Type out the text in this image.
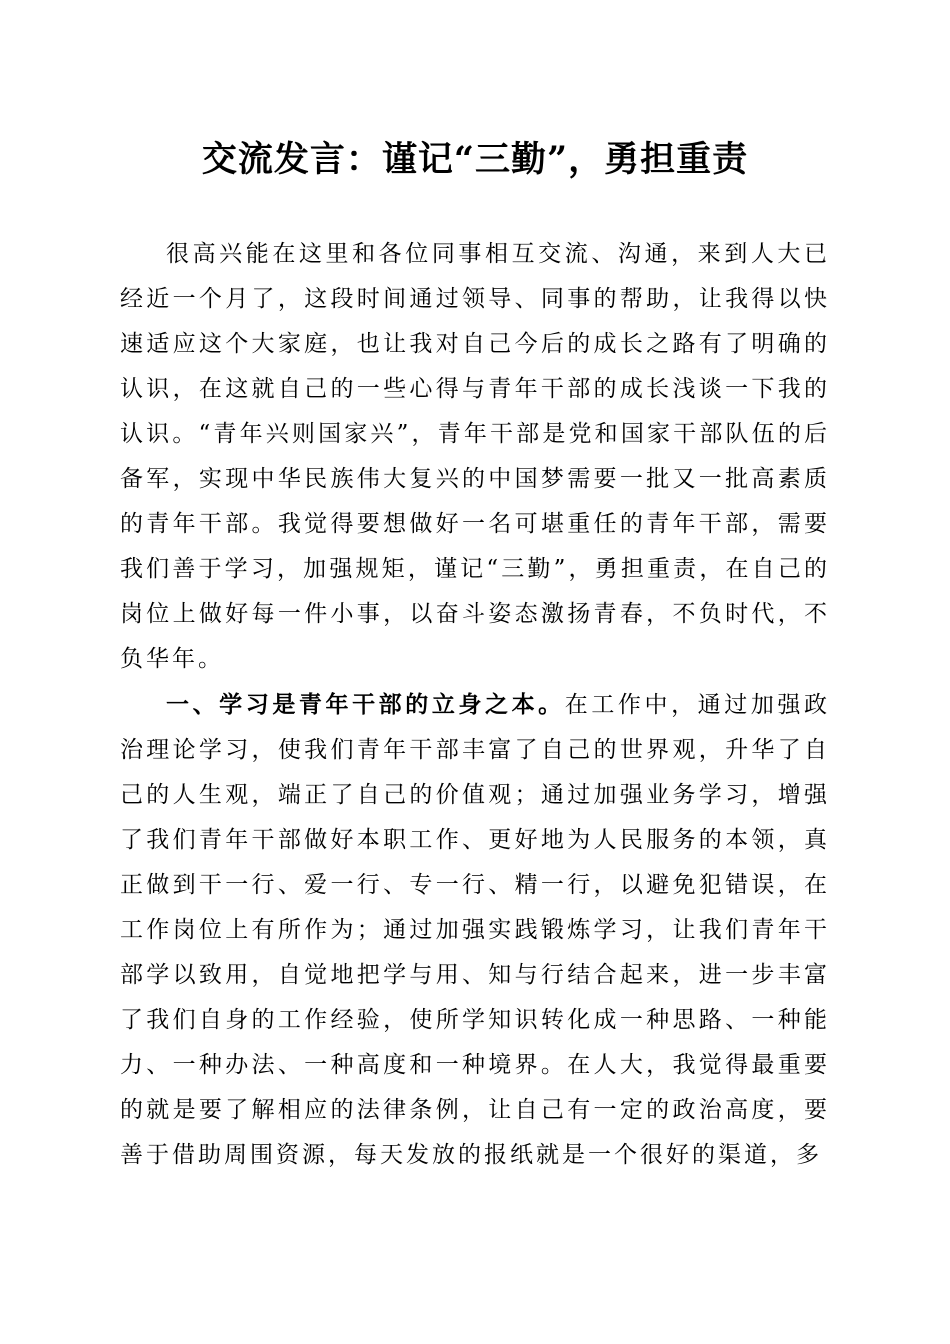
交流发言：谨记“三勤”，勇担重责

很高兴能在这里和各位同事相互交流、沟通，来到人大已经近一个月了，这段时间通过领导、同事的帮助，让我得以快速适应这个大家庭，也让我对自己今后的成长之路有了明确的认识，在这就自己的一些心得与青年干部的成长浅谈一下我的认识。“青年兴则国家兴”，青年干部是党和国家干部队伍的后备军，实现中华民族伟大复兴的中国梦需要一批又一批高素质的青年干部。我觉得要想做好一名可堪重任的青年干部，需要我们善于学习，加强规矩，谨记“三勤”，勇担重责，在自己的岗位上做好每一件小事，以奋斗姿态激扬青春，不负时代，不负华年。

一、学习是青年干部的立身之本。在工作中，通过加强政治理论学习，使我们青年干部丰富了自己的世界观，升华了自己的人生观，端正了自己的价值观；通过加强业务学习，增强了我们青年干部做好本职工作、更好地为人民服务的本领，真正做到干一行、爱一行、专一行、精一行，以避免犯错误，在工作岗位上有所作为；通过加强实践锻炼学习，让我们青年干部学以致用，自觉地把学与用、知与行结合起来，进一步丰富了我们自身的工作经验，使所学知识转化成一种思路、一种能力、一种办法、一种高度和一种境界。在人大，我觉得最重要的就是要了解相应的法律条例，让自己有一定的政治高度，要善于借助周围资源，每天发放的报纸就是一个很好的渠道，多
